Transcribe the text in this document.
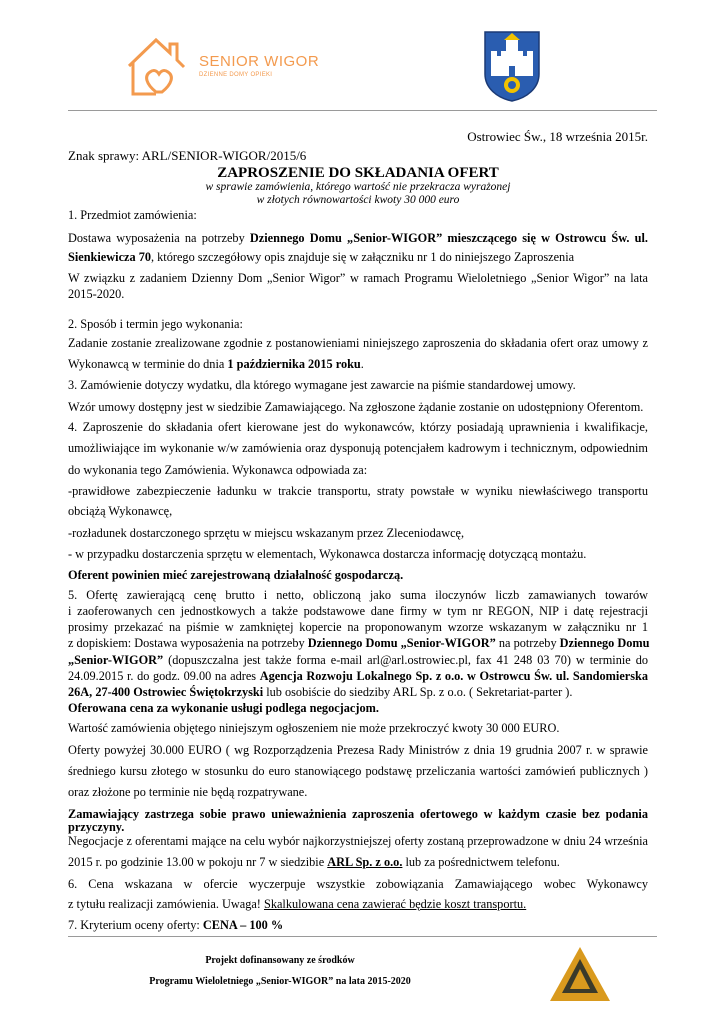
SENIOR WIGOR
DZIENNE DOMY OPIEKI
Ostrowiec Św., 18 września 2015r.
Znak sprawy: ARL/SENIOR-WIGOR/2015/6
ZAPROSZENIE DO SKŁADANIA OFERT
w sprawie zamówienia, którego wartość nie przekracza wyrażonej
w złotych równowartości kwoty 30 000 euro
1. Przedmiot zamówienia:
Dostawa wyposażenia na potrzeby Dziennego Domu „Senior-WIGOR” mieszczącego się w Ostrowcu Św. ul.
Sienkiewicza 70, którego szczegółowy opis znajduje się w załączniku nr 1 do niniejszego Zaproszenia
W związku z zadaniem Dzienny Dom „Senior Wigor” w ramach Programu Wieloletniego „Senior Wigor” na lata
2015-2020.
2. Sposób i termin jego wykonania:
Zadanie zostanie zrealizowane zgodnie z postanowieniami niniejszego zaproszenia do składania ofert oraz umowy z
Wykonawcą w terminie do dnia 1 października 2015 roku.
3. Zamówienie dotyczy wydatku, dla którego wymagane jest zawarcie na piśmie standardowej umowy.
Wzór umowy dostępny jest w siedzibie Zamawiającego. Na zgłoszone żądanie zostanie on udostępniony Oferentom.
4. Zaproszenie do składania ofert kierowane jest do wykonawców, którzy posiadają uprawnienia i kwalifikacje,
umożliwiające im wykonanie w/w zamówienia oraz dysponują potencjałem kadrowym i technicznym, odpowiednim
do wykonania tego Zamówienia. Wykonawca odpowiada za:
-prawidłowe zabezpieczenie ładunku w trakcie transportu, straty powstałe w wyniku niewłaściwego transportu
obciążą Wykonawcę,
-rozładunek dostarczonego sprzętu w miejscu wskazanym przez Zleceniodawcę,
- w przypadku dostarczenia sprzętu w elementach, Wykonawca dostarcza informację dotyczącą montażu.
Oferent powinien mieć zarejestrowaną działalność gospodarczą.
5. Ofertę zawierającą cenę brutto i netto, obliczoną jako suma iloczynów liczb zamawianych towarów
i zaoferowanych cen jednostkowych a także podstawowe dane firmy w tym nr REGON, NIP i datę rejestracji
prosimy przekazać na piśmie w zamkniętej kopercie na proponowanym wzorze wskazanym w załączniku nr 1
z dopiskiem: Dostawa wyposażenia na potrzeby Dziennego Domu „Senior-WIGOR” na potrzeby Dziennego Domu
„Senior-WIGOR” (dopuszczalna jest także forma e-mail arl@arl.ostrowiec.pl, fax 41 248 03 70) w terminie do
24.09.2015 r. do godz. 09.00 na adres Agencja Rozwoju Lokalnego Sp. z o.o. w Ostrowcu Św. ul. Sandomierska
26A, 27-400 Ostrowiec Świętokrzyski lub osobiście do siedziby ARL Sp. z o.o. ( Sekretariat-parter ).
Oferowana cena za wykonanie usługi podlega negocjacjom.
Wartość zamówienia objętego niniejszym ogłoszeniem nie może przekroczyć kwoty 30 000 EURO.
Oferty powyżej 30.000 EURO ( wg Rozporządzenia Prezesa Rady Ministrów z dnia 19 grudnia 2007 r. w sprawie
średniego kursu złotego w stosunku do euro stanowiącego podstawę przeliczania wartości zamówień publicznych )
oraz złożone po terminie nie będą rozpatrywane.
Zamawiający zastrzega sobie prawo unieważnienia zaproszenia ofertowego w każdym czasie bez podania
przyczyny.
Negocjacje z oferentami mające na celu wybór najkorzystniejszej oferty zostaną przeprowadzone w dniu 24 września
2015 r. po godzinie 13.00 w pokoju nr 7 w siedzibie ARL Sp. z o.o. lub za pośrednictwem telefonu.
6. Cena wskazana w ofercie wyczerpuje wszystkie zobowiązania Zamawiającego wobec Wykonawcy
z tytułu realizacji zamówienia. Uwaga! Skalkulowana cena zawierać będzie koszt transportu.
7. Kryterium oceny oferty: CENA – 100 %
Projekt dofinansowany ze środków
Programu Wieloletniego „Senior-WIGOR” na lata 2015-2020
